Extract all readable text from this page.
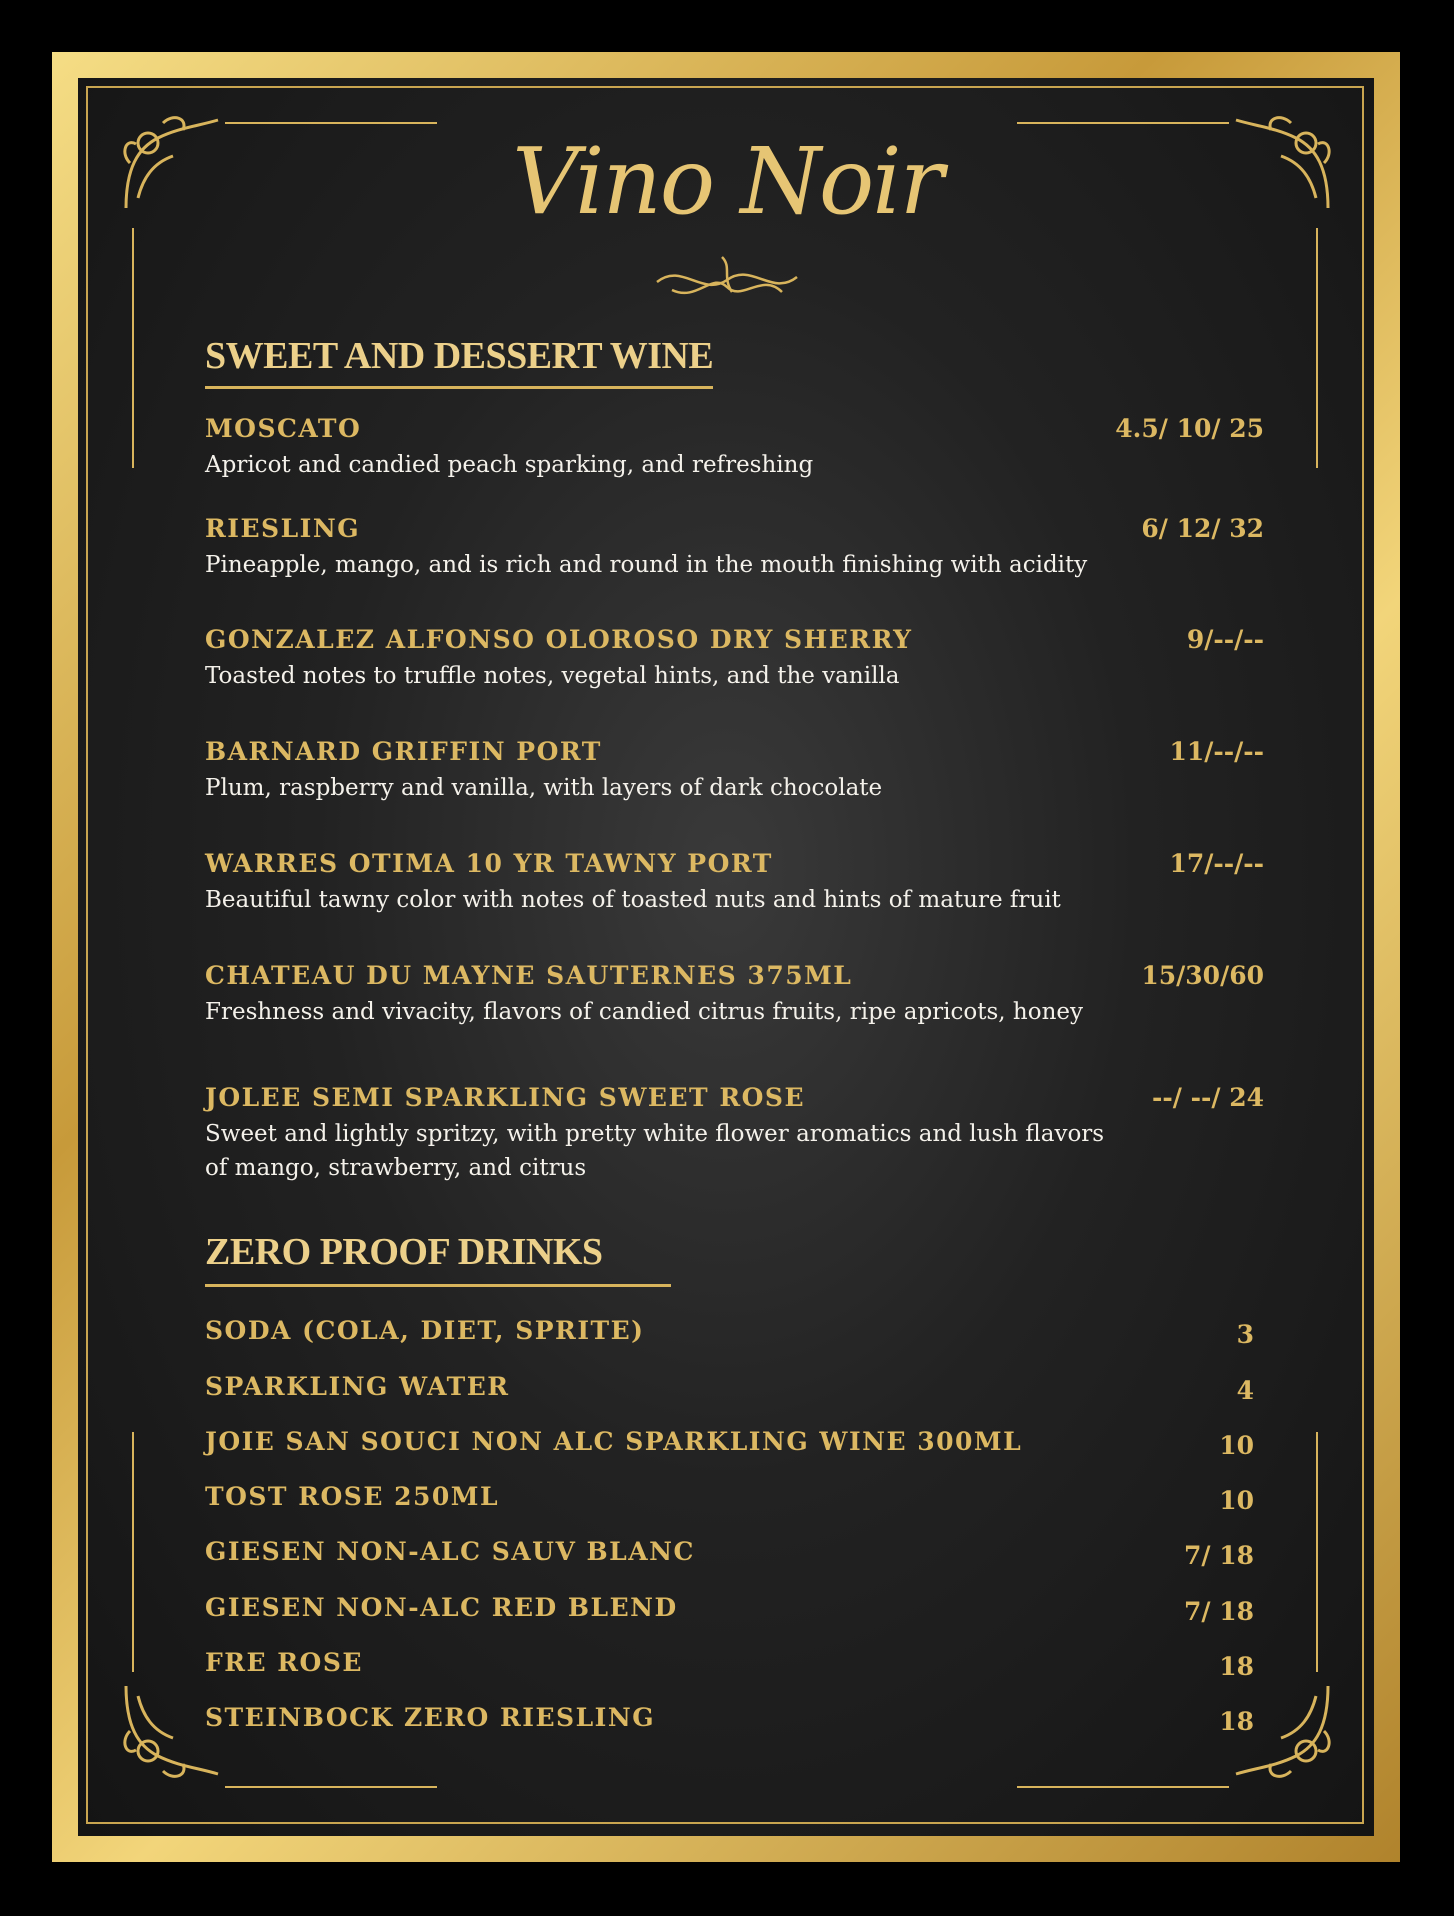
Vino Noir
SWEET AND DESSERT WINE
MOSCATO	4.5/ 10/ 25
Apricot and candied peach sparking, and refreshing
RIESLING	6/ 12/ 32
Pineapple, mango, and is rich and round in the mouth finishing with acidity
GONZALEZ ALFONSO OLOROSO DRY SHERRY	9/--/--
Toasted notes to truffle notes, vegetal hints, and the vanilla
BARNARD GRIFFIN PORT	11/--/--
Plum, raspberry and vanilla, with layers of dark chocolate
WARRES OTIMA 10 YR TAWNY PORT	17/--/--
Beautiful tawny color with notes of toasted nuts and hints of mature fruit
CHATEAU DU MAYNE SAUTERNES 375ML	15/30/60
Freshness and vivacity, flavors of candied citrus fruits, ripe apricots, honey
JOLEE SEMI SPARKLING SWEET ROSE	--/ --/ 24
Sweet and lightly spritzy, with pretty white flower aromatics and lush flavors of mango, strawberry, and citrus
ZERO PROOF DRINKS
SODA (COLA, DIET, SPRITE)	3
SPARKLING WATER	4
JOIE SAN SOUCI NON ALC SPARKLING WINE 300ML	10
TOST ROSE 250ML	10
GIESEN NON-ALC SAUV BLANC	7/ 18
GIESEN NON-ALC RED BLEND	7/ 18
FRE ROSE	18
STEINBOCK ZERO RIESLING	18
